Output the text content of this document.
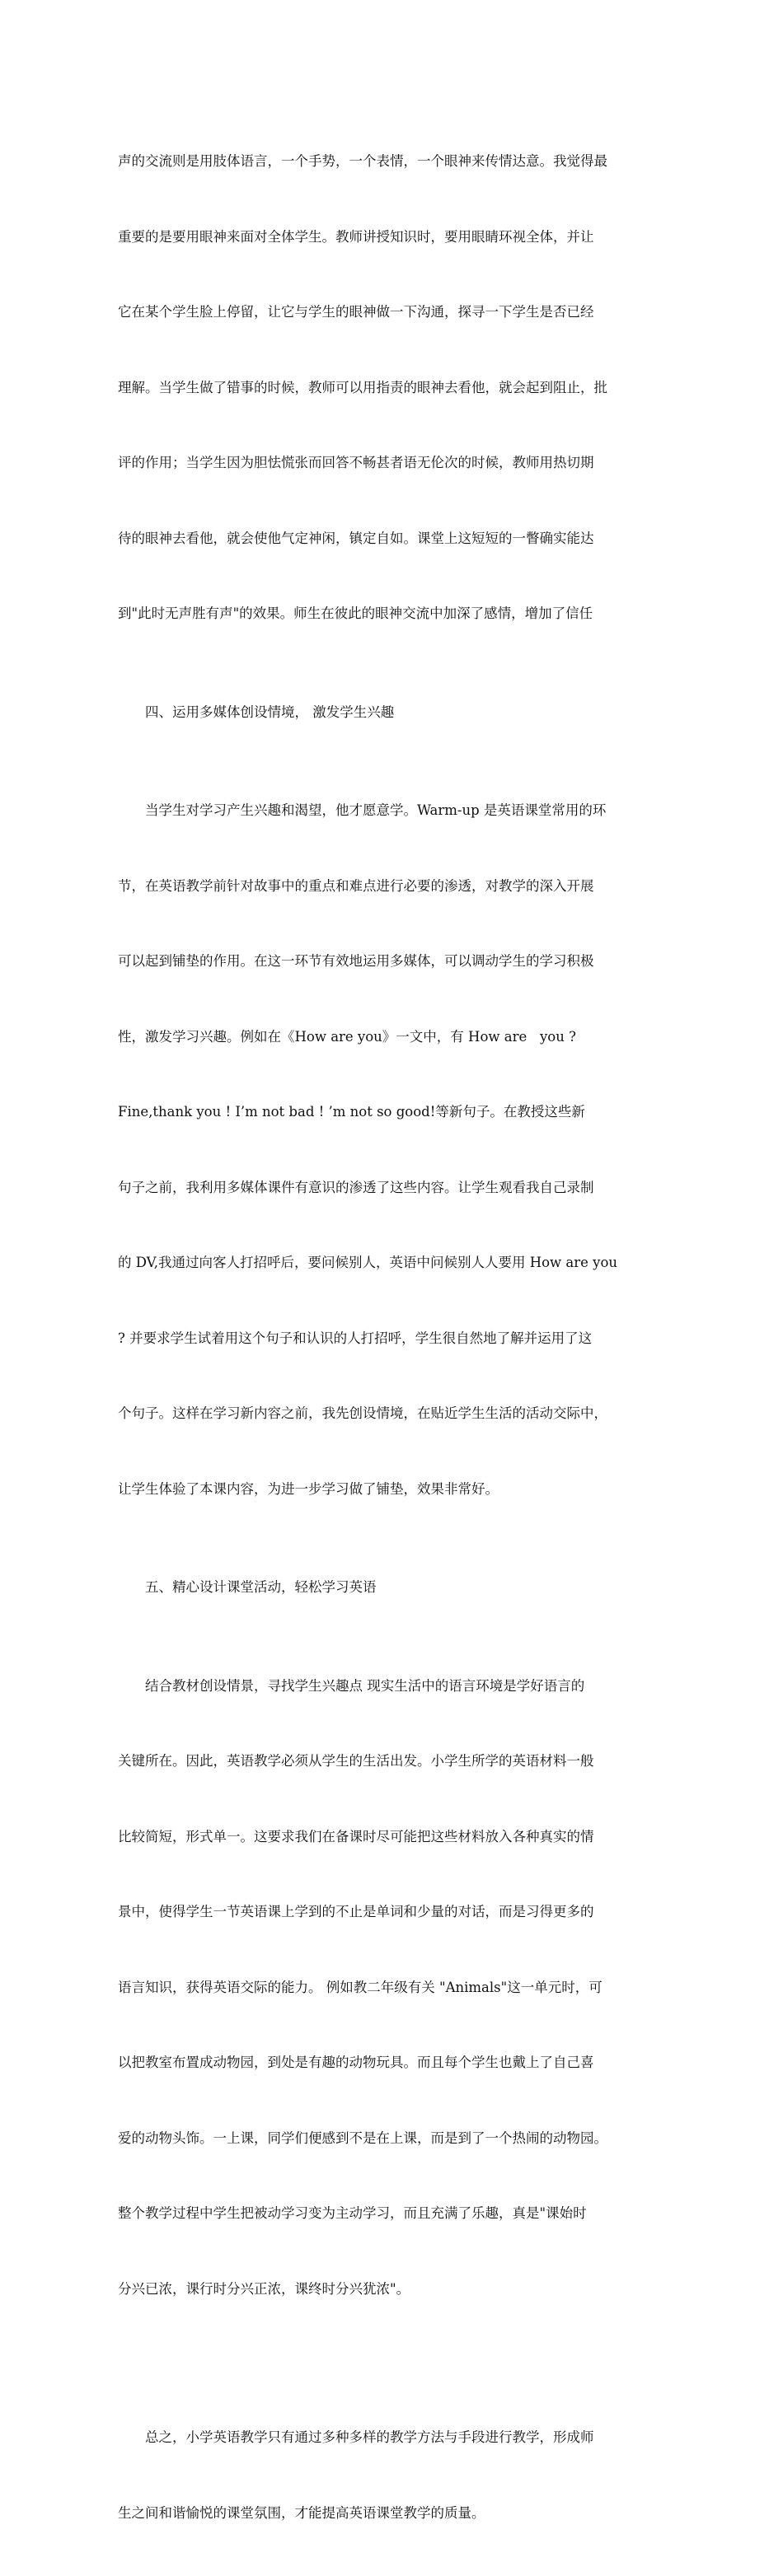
声的交流则是用肢体语言，一个手势，一个表情，一个眼神来传情达意。我觉得最

重要的是要用眼神来面对全体学生。教师讲授知识时，要用眼睛环视全体，并让

它在某个学生脸上停留，让它与学生的眼神做一下沟通，探寻一下学生是否已经

理解。当学生做了错事的时候，教师可以用指责的眼神去看他，就会起到阻止，批

评的作用；当学生因为胆怯慌张而回答不畅甚者语无伦次的时候，教师用热切期

待的眼神去看他，就会使他气定神闲，镇定自如。课堂上这短短的一瞥确实能达

到"此时无声胜有声"的效果。师生在彼此的眼神交流中加深了感情，增加了信任

四、运用多媒体创设情境， 激发学生兴趣

当学生对学习产生兴趣和渴望，他才愿意学。Warm-up 是英语课堂常用的环

节，在英语教学前针对故事中的重点和难点进行必要的渗透，对教学的深入开展

可以起到铺垫的作用。在这一环节有效地运用多媒体，可以调动学生的学习积极

性，激发学习兴趣。例如在《How are you》一文中，有 How are   you ?

Fine,thank you ! I’m not bad ! ’m not so good!等新句子。在教授这些新

句子之前，我利用多媒体课件有意识的渗透了这些内容。让学生观看我自己录制

的 DV,我通过向客人打招呼后，要问候别人，英语中问候别人人要用 How are you

? 并要求学生试着用这个句子和认识的人打招呼，学生很自然地了解并运用了这

个句子。这样在学习新内容之前，我先创设情境，在贴近学生生活的活动交际中，

让学生体验了本课内容，为进一步学习做了铺垫，效果非常好。

五、精心设计课堂活动，轻松学习英语

结合教材创设情景，寻找学生兴趣点 现实生活中的语言环境是学好语言的

关键所在。因此，英语教学必须从学生的生活出发。小学生所学的英语材料一般

比较简短，形式单一。这要求我们在备课时尽可能把这些材料放入各种真实的情

景中，使得学生一节英语课上学到的不止是单词和少量的对话，而是习得更多的

语言知识，获得英语交际的能力。 例如教二年级有关 "Animals"这一单元时，可

以把教室布置成动物园，到处是有趣的动物玩具。而且每个学生也戴上了自己喜

爱的动物头饰。一上课，同学们便感到不是在上课，而是到了一个热闹的动物园。

整个教学过程中学生把被动学习变为主动学习，而且充满了乐趣，真是"课始时

分兴已浓，课行时分兴正浓，课终时分兴犹浓"。

总之，小学英语教学只有通过多种多样的教学方法与手段进行教学，形成师

生之间和谐愉悦的课堂氛围，才能提高英语课堂教学的质量。
